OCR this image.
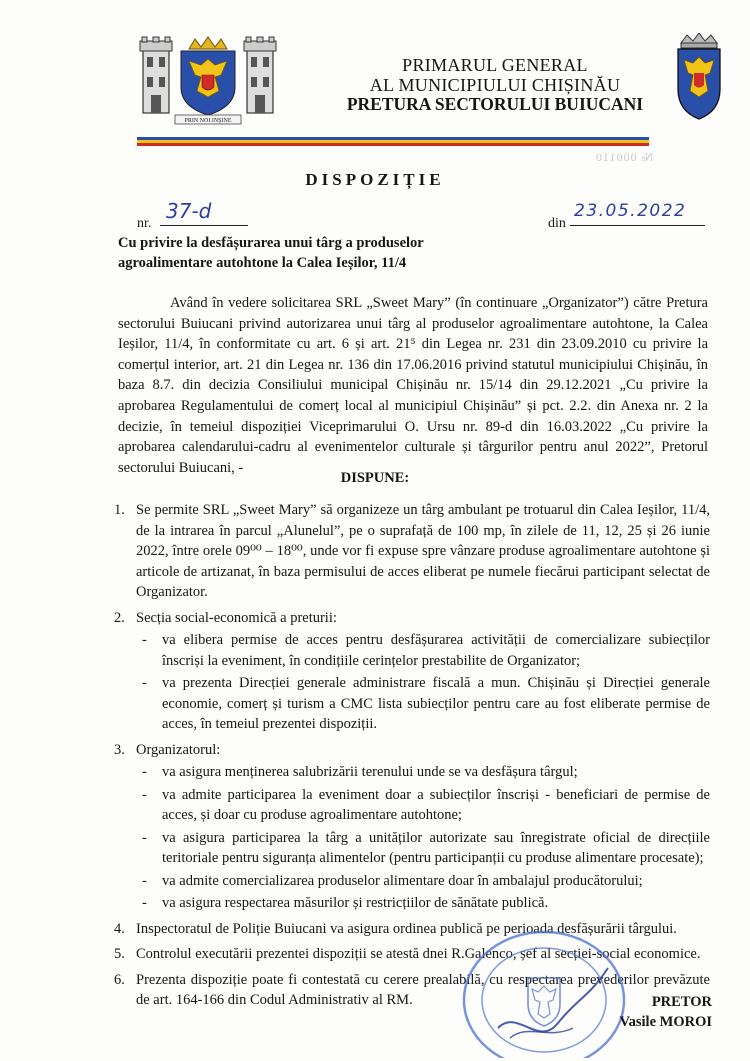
PRIN NOI INȘINE
PRIMARUL GENERAL
AL MUNICIPIULUI CHIȘINĂU
PRETURA SECTORULUI BUIUCANI
№ 000110
DISPOZIȚIE
nr.
37-d
din
23.05.2022
Cu privire la desfășurarea unui târg a produselor agroalimentare autohtone la Calea Ieșilor, 11/4
Având în vedere solicitarea SRL „Sweet Mary” (în continuare „Organizator”) către Pretura sectorului Buiucani privind autorizarea unui târg al produselor agroalimentare autohtone, la Calea Ieșilor, 11/4, în conformitate cu art. 6 și art. 21⁵ din Legea nr. 231 din 23.09.2010 cu privire la comerțul interior, art. 21 din Legea nr. 136 din 17.06.2016 privind statutul municipiului Chișinău, în baza 8.7. din decizia Consiliului municipal Chișinău nr. 15/14 din 29.12.2021 „Cu privire la aprobarea Regulamentului de comerț local al municipiul Chișinău” și pct. 2.2. din Anexa nr. 2 la decizie, în temeiul dispoziției Viceprimarului O. Ursu nr. 89-d din 16.03.2022 „Cu privire la aprobarea calendarului-cadru al evenimentelor culturale și târgurilor pentru anul 2022”, Pretorul sectorului Buiucani, -
DISPUNE:
1. Se permite SRL „Sweet Mary” să organizeze un târg ambulant pe trotuarul din Calea Ieșilor, 11/4, de la intrarea în parcul „Alunelul”, pe o suprafață de 100 mp, în zilele de 11, 12, 25 și 26 iunie 2022, între orele 09⁰⁰ – 18⁰⁰, unde vor fi expuse spre vânzare produse agroalimentare autohtone și articole de artizanat, în baza permisului de acces eliberat pe numele fiecărui participant selectat de Organizator.
2. Secția social-economică a preturii:
-	va elibera permise de acces pentru desfășurarea activității de comercializare subiecților înscriși la eveniment, în condițiile cerințelor prestabilite de Organizator;
-	va prezenta Direcției generale administrare fiscală a mun. Chișinău și Direcției generale economie, comerț și turism a CMC lista subiecților pentru care au fost eliberate permise de acces, în temeiul prezentei dispoziții.
3. Organizatorul:
-	va asigura menținerea salubrizării terenului unde se va desfășura târgul;
-	va admite participarea la eveniment doar a subiecților înscriși - beneficiari de permise de acces, și doar cu produse agroalimentare autohtone;
-	va asigura participarea la târg a unităților autorizate sau înregistrate oficial de direcțiile teritoriale pentru siguranța alimentelor (pentru participanții cu produse alimentare procesate);
-	va admite comercializarea produselor alimentare doar în ambalajul producătorului;
-	va asigura respectarea măsurilor și restricțiilor de sănătate publică.
4. Inspectoratul de Poliție Buiucani va asigura ordinea publică pe perioada desfășurării târgului.
5. Controlul executării prezentei dispoziții se atestă dnei R.Galenco, șef al secției-social economice.
6. Prezenta dispoziție poate fi contestată cu cerere prealabilă, cu respectarea prevederilor prevăzute de art. 164-166 din Codul Administrativ al RM.	PRETOR
Vasile MOROI
